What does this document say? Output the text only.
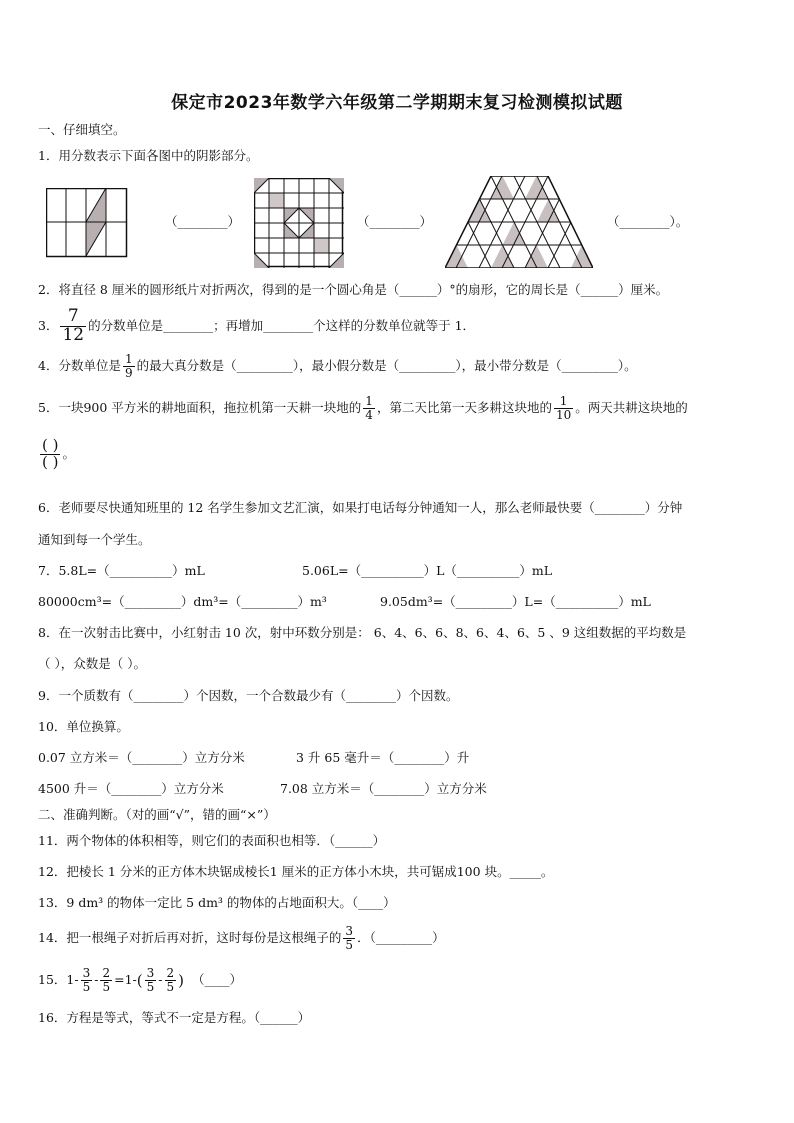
保定市2023年数学六年级第二学期期末复习检测模拟试题
一、仔细填空。
1．用分数表示下面各图中的阴影部分。
（________）	（________）	（________）。
2．将直径 8 厘米的圆形纸片对折两次，得到的是一个圆心角是（______）°的扇形，它的周长是（______）厘米。
3． $\frac{7}{12}$ 的分数单位是________；再增加________个这样的分数单位就等于 1．
4．分数单位是 $\frac{1}{9}$ 的最大真分数是（_________），最小假分数是（_________），最小带分数是（_________）。
5．一块900 平方米的耕地面积，拖拉机第一天耕一块地的 $\frac{1}{4}$ ，第二天比第一天多耕这块地的 $\frac{1}{10}$ 。两天共耕这块地的
$\frac{( )}{( )}$ 。
6．老师要尽快通知班里的 12 名学生参加文艺汇演，如果打电话每分钟通知一人，那么老师最快要（________）分钟
通知到每一个学生。
7．5.8L=（__________）mL	5.06L=（__________）L（__________）mL
80000cm³=（_________）dm³=（_________）m³	9.05dm³=（_________）L=（__________）mL
8．在一次射击比赛中，小红射击 10 次，射中环数分别是： 6、4、6、6、8、6、4、6、5 、9 这组数据的平均数是
（ ），众数是（ ）。
9．一个质数有（________）个因数，一个合数最少有（________）个因数。
10．单位换算。
0.07 立方米＝（________）立方分米	3 升 65 毫升＝（________）升
4500 升＝（________）立方分米	7.08 立方米＝（________）立方分米
二、准确判断。（对的画“√”，错的画“×”）
11．两个物体的体积相等，则它们的表面积也相等．（______）
12．把棱长 1 分米的正方体木块锯成棱长1 厘米的正方体小木块，共可锯成100 块。_____。
13．9 dm³ 的物体一定比 5 dm³ 的物体的占地面积大。（____）
14．把一根绳子对折后再对折，这时每份是这根绳子的 $\frac{3}{5}$ ．（_________）
15．$1- \frac{3}{5} - \frac{2}{5} =1-( \frac{3}{5} - \frac{2}{5}$ ) （____）
16．方程是等式，等式不一定是方程。（______）
